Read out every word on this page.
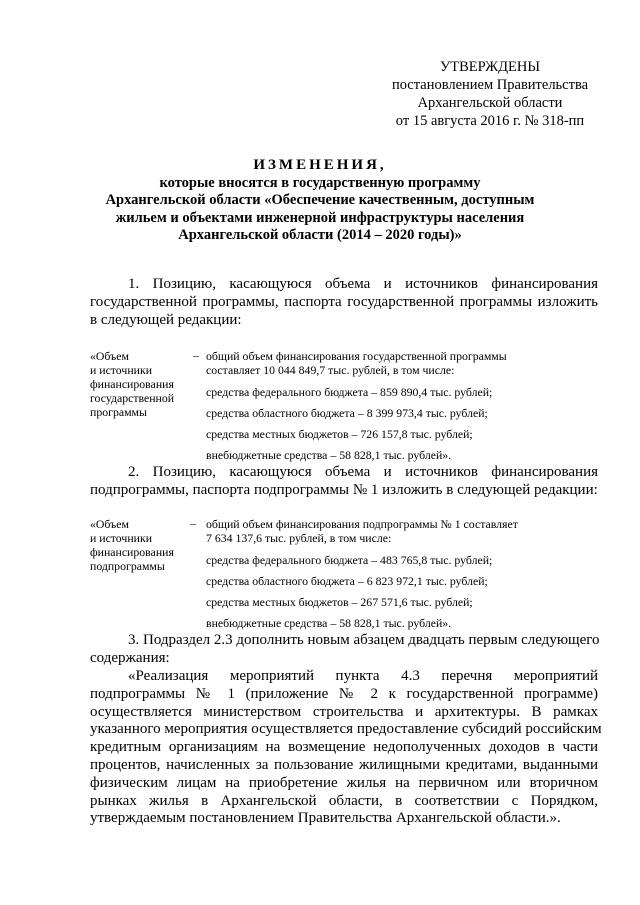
УТВЕРЖДЕНЫ
постановлением Правительства
Архангельской области
от 15 августа 2016 г. № 318-пп
ИЗМЕНЕНИЯ,
которые вносятся в государственную программу
Архангельской области «Обеспечение качественным, доступным
жильем и объектами инженерной инфраструктуры населения
Архангельской области (2014 – 2020 годы)»
1. Позицию, касающуюся объема и источников финансирования
государственной программы, паспорта государственной программы изложить
в следующей редакции:
«Объем
и источники
финансирования
государственной
программы
– общий объем финансирования государственной программы
составляет 10 044 849,7 тыс. рублей, в том числе:
средства федерального бюджета – 859 890,4 тыс. рублей;
средства областного бюджета – 8 399 973,4 тыс. рублей;
средства местных бюджетов – 726 157,8 тыс. рублей;
внебюджетные средства – 58 828,1 тыс. рублей».
2. Позицию, касающуюся объема и источников финансирования
подпрограммы, паспорта подпрограммы № 1 изложить в следующей редакции:
«Объем
и источники
финансирования
подпрограммы
– общий объем финансирования подпрограммы № 1 составляет
7 634 137,6 тыс. рублей, в том числе:
средства федерального бюджета – 483 765,8 тыс. рублей;
средства областного бюджета – 6 823 972,1 тыс. рублей;
средства местных бюджетов – 267 571,6 тыс. рублей;
внебюджетные средства – 58 828,1 тыс. рублей».
3. Подраздел 2.3 дополнить новым абзацем двадцать первым следующего
содержания:
«Реализация мероприятий пункта 4.3 перечня мероприятий
подпрограммы № 1 (приложение № 2 к государственной программе)
осуществляется министерством строительства и архитектуры. В рамках
указанного мероприятия осуществляется предоставление субсидий российским
кредитным организациям на возмещение недополученных доходов в части
процентов, начисленных за пользование жилищными кредитами, выданными
физическим лицам на приобретение жилья на первичном или вторичном
рынках жилья в Архангельской области, в соответствии с Порядком,
утверждаемым постановлением Правительства Архангельской области.».
